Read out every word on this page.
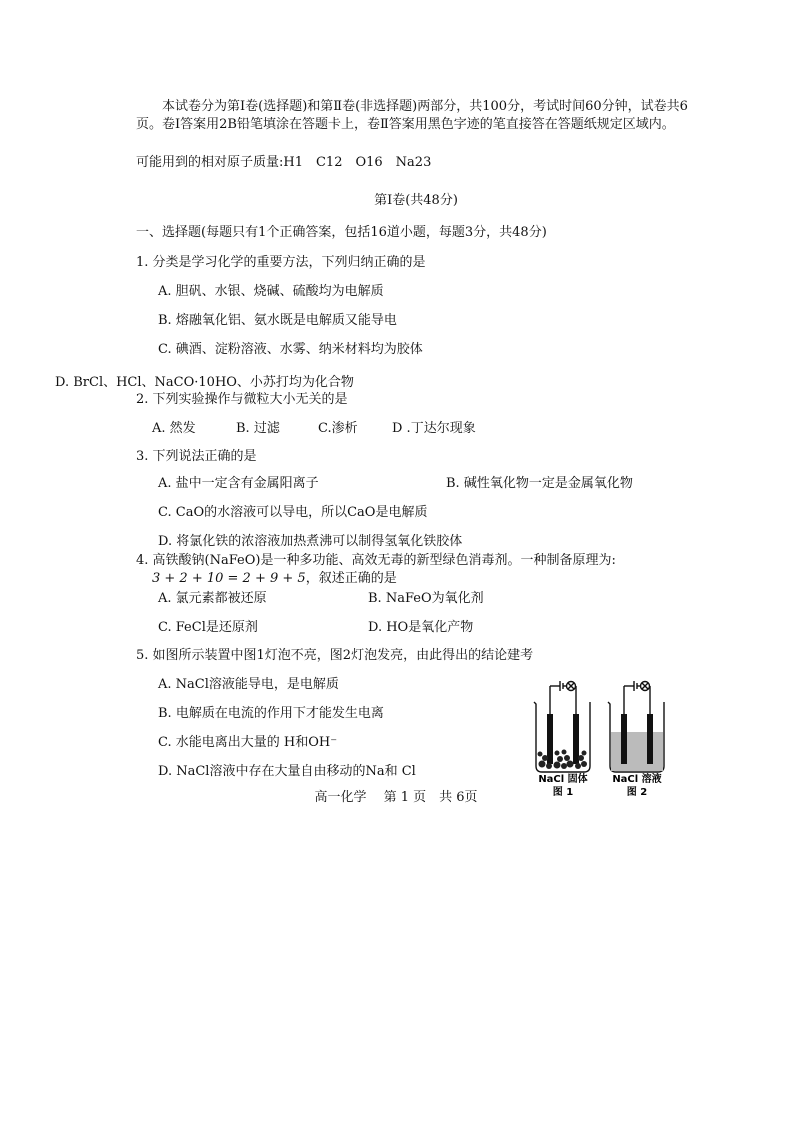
本试卷分为第Ⅰ卷(选择题)和第Ⅱ卷(非选择题)两部分，共100分，考试时间60分钟，试卷共6页。卷Ⅰ答案用2B铅笔填涂在答题卡上，卷Ⅱ答案用黑色字迹的笔直接答在答题纸规定区域内。
可能用到的相对原子质量:H1　C12　O16　Na23
第Ⅰ卷(共48分)
一、选择题(每题只有1个正确答案，包括16道小题，每题3分，共48分)
1. 分类是学习化学的重要方法，下列归纳正确的是
A. 胆矾、水银、烧碱、硫酸均为电解质
B. 熔融氧化铝、氨水既是电解质又能导电
C. 碘酒、淀粉溶液、水雾、纳米材料均为胶体
D. BrCl、HCl、NaCO·10HO、小苏打均为化合物
2. 下列实验操作与微粒大小无关的是
A. 然发	B. 过滤	C.渗析	D .丁达尔现象
3. 下列说法正确的是
A. 盐中一定含有金属阳离子	B. 碱性氧化物一定是金属氧化物
C. CaO的水溶液可以导电，所以CaO是电解质
D. 将氯化铁的浓溶液加热煮沸可以制得氢氧化铁胶体
4. 高铁酸钠(NaFeO)是一种多功能、高效无毒的新型绿色消毒剂。一种制备原理为:
3 + 2 + 10 = 2 + 9 + 5，叙述正确的是
A. 氯元素都被还原	B. NaFeO为氧化剂
C. FeCl是还原剂	D. HO是氧化产物
5. 如图所示装置中图1灯泡不亮，图2灯泡发亮，由此得出的结论建考
A. NaCl溶液能导电，是电解质
B. 电解质在电流的作用下才能发生电离
C. 水能电离出大量的 H和OH⁻
D. NaCl溶液中存在大量自由移动的Na和 Cl
NaCl 固体
图 1
NaCl 溶液
图 2
高一化学　 第 1 页　共 6页
